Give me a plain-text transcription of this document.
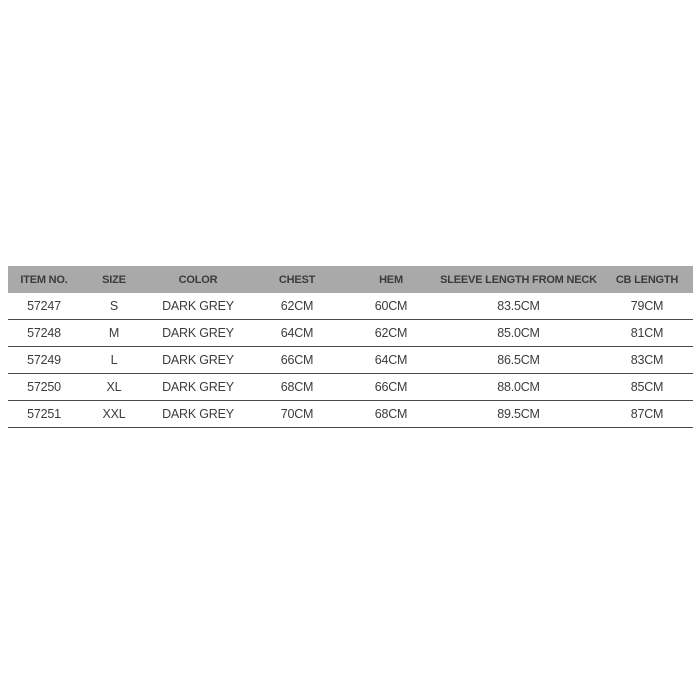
ITEM NO.	SIZE	COLOR	CHEST	HEM	SLEEVE LENGTH FROM NECK	CB LENGTH
57247	S	DARK GREY	62CM	60CM	83.5CM	79CM
57248	M	DARK GREY	64CM	62CM	85.0CM	81CM
57249	L	DARK GREY	66CM	64CM	86.5CM	83CM
57250	XL	DARK GREY	68CM	66CM	88.0CM	85CM
57251	XXL	DARK GREY	70CM	68CM	89.5CM	87CM
